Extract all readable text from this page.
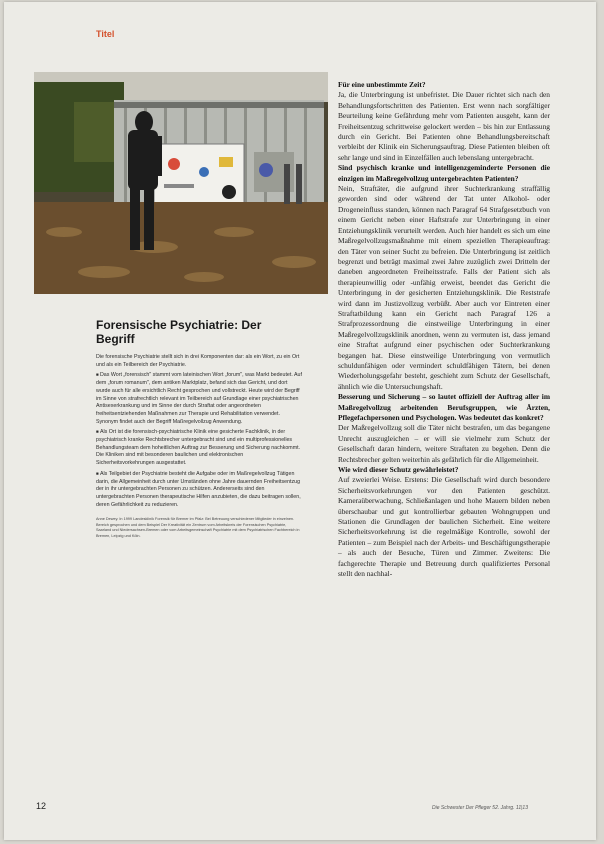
Titel
Forensische Psychiatrie: Der Begriff

Die forensische Psychiatrie stellt sich in drei Komponenten dar: als ein Wort, zu ein Ort und als ein Teilbereich der Psychiatrie.

■ Das Wort „forensisch" stammt vom lateinischen Wort „forum", was Markt bedeutet. Auf dem „forum romanum", dem antiken Marktplatz, befand sich das Gericht, und dort wurde auch für alle ersichtlich Recht gesprochen und vollstreckt. Heute wird der Begriff im Sinne von strafrechtlich relevant im Teilbereich auf Grundlage einer psychiatrischen Antisexerkrankung und im Sinne der durch Straftat oder angeordneten freiheitsentziehenden Maßnahmen zur Therapie und Rehabilitation verwendet. Synonym findet auch der Begriff Maßregelvollzug Anwendung.

■ Als Ort ist die forensisch-psychiatrische Klinik eine gesicherte Fachklinik, in der psychiatrisch kranke Rechtsbrecher untergebracht sind und ein multiprofessionelles Behandlungsteam dem hoheitlichen Auftrag zur Besserung und Sicherung nachkommt. Die Kliniken sind mit besonderen baulichen und elektronischen Sicherheitsvorkehrungen ausgestattet.

■ Als Teilgebiet der Psychiatrie besteht die Aufgabe oder im Maßregelvollzug Tätigen darin, die Allgemeinheit durch unter Umständen ohne Jahre dauernden Freiheitsentzug der in ihr untergebrachten Personen zu schützen. Andererseits sind den untergebrachten Personen therapeutische Hilfen anzubieten, die dazu beitragen sollen, deren Gefährlichkeit zu reduzieren.

Anne Dewey. In 1999 Landesklinik Forensik für Bremer im Pfalz: Bei Betreuung verschiedener Mitglieder in einzelnen. Bereich gesprochen und dem Beispiel Der Kreativität ein Zentrum vom Arbeitskreis der Forensischen Psychiatrie, Saarland und Niedersachsen-Bremen oder vom Arbeitsgemeinschaft Psychiatrie mit dem Psychiatrischen Fachbereich in Bremen, Leipzig und Köln.

Für eine unbestimmte Zeit?

Ja, die Unterbringung ist unbefristet. Die Dauer richtet sich nach den Behandlungsfortschritten des Patienten. Erst wenn nach sorgfältiger Beurteilung keine Gefährdung mehr vom Patienten ausgeht, kann der Freiheitsentzug schrittweise gelockert werden – bis hin zur Entlassung durch ein Gericht. Bei Patienten ohne Behandlungsbereitschaft verbleibt der Klinik ein Sicherungsauftrag. Diese Patienten bleiben oft sehr lange und sind in Einzelfällen auch lebenslang untergebracht.

Sind psychisch kranke und intelligenzgeminderte Personen die einzigen im Maßregelvollzug untergebrachten Patienten?

Nein, Straftäter, die aufgrund ihrer Suchterkrankung straffällig geworden sind oder während der Tat unter Alkohol- oder Drogeneinfluss standen, können nach Paragraf 64 Strafgesetzbuch von einem Gericht neben einer Haftstrafe zur Unterbringung in einer Entziehungsklinik verurteilt werden. Auch hier handelt es sich um eine Maßregelvollzugsmaßnahme mit einem speziellen Therapieauftrag: den Täter von seiner Sucht zu befreien. Die Unterbringung ist zeitlich begrenzt und beträgt maximal zwei Jahre zuzüglich zwei Dritteln der daneben angeordneten Freiheitsstrafe. Falls der Patient sich als therapieunwillig oder -unfähig erweist, beendet das Gericht die Unterbringung in der gesicherten Entziehungsklinik. Die Reststrafe wird dann im Justizvollzug verbüßt. Aber auch vor Eintreten einer Straftatbildung kann ein Gericht nach Paragraf 126 a Strafprozessordnung die einstweilige Unterbringung in einer Maßregelvollzugsklinik anordnen, wenn zu vermuten ist, dass jemand eine Straftat aufgrund einer psychischen oder Suchterkrankung begangen hat. Diese einstweilige Unterbringung von vermutlich schuldunfähigen oder vermindert schuldfähigen Tätern, bei denen Wiederholungsgefahr besteht, geschieht zum Schutz der Gesellschaft, ähnlich wie die Untersuchungshaft.

Besserung und Sicherung – so lautet offiziell der Auftrag aller im Maßregelvollzug arbeitenden Berufsgruppen, wie Ärzten, Pflegefachpersonen und Psychologen. Was bedeutet das konkret?

Der Maßregelvollzug soll die Täter nicht bestrafen, um das begangene Unrecht auszugleichen – er will sie vielmehr zum Schutz der Gesellschaft daran hindern, weitere Straftaten zu begehen. Denn die Rechtsbrecher gelten weiterhin als gefährlich für die Allgemeinheit.

Wie wird dieser Schutz gewährleistet?

Auf zweierlei Weise. Erstens: Die Gesellschaft wird durch besondere Sicherheitsvorkehrungen vor den Patienten geschützt. Kameraüberwachung, Schließanlagen und hohe Mauern bilden neben überschaubar und gut kontrollierbar gebauten Wohngruppen und Stationen die Grundlagen der baulichen Sicherheit. Eine weitere Sicherheitsvorkehrung ist die regelmäßige Kontrolle, sowohl der Patienten – zum Beispiel nach der Arbeits- und Beschäftigungstherapie – als auch der Besuche, Türen und Zimmer. Zweitens: Die fachgerechte Therapie und Betreuung durch qualifiziertes Personal stellt den nachhal-

12	Die Schwester Der Pfleger 52. Jahrg. 11|13
